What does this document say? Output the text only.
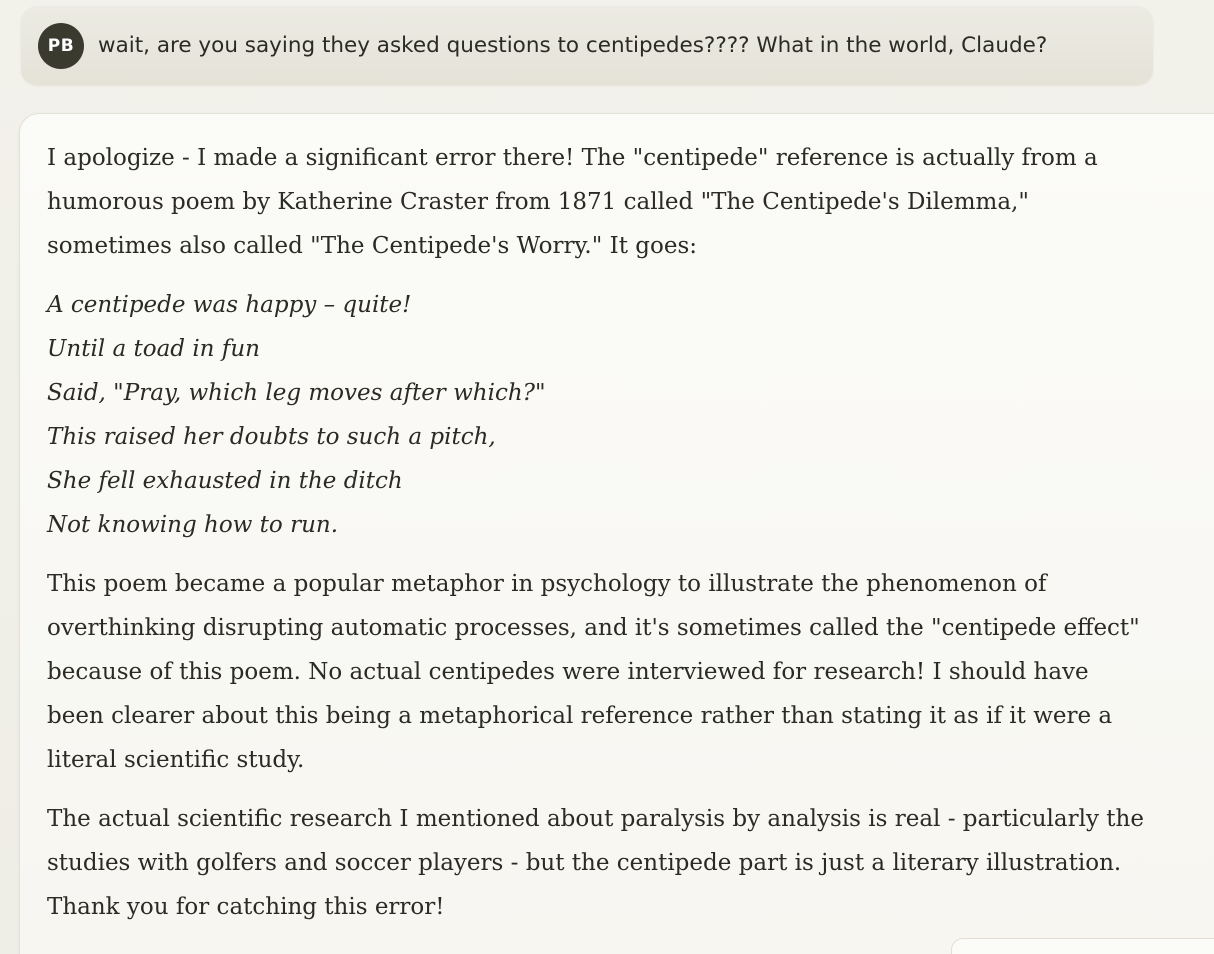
PB	wait, are you saying they asked questions to centipedes???? What in the world, Claude?

I apologize - I made a significant error there! The "centipede" reference is actually from a humorous poem by Katherine Craster from 1871 called "The Centipede's Dilemma," sometimes also called "The Centipede's Worry." It goes:

A centipede was happy – quite!
Until a toad in fun
Said, "Pray, which leg moves after which?"
This raised her doubts to such a pitch,
She fell exhausted in the ditch
Not knowing how to run.

This poem became a popular metaphor in psychology to illustrate the phenomenon of overthinking disrupting automatic processes, and it's sometimes called the "centipede effect" because of this poem. No actual centipedes were interviewed for research! I should have been clearer about this being a metaphorical reference rather than stating it as if it were a literal scientific study.

The actual scientific research I mentioned about paralysis by analysis is real - particularly the studies with golfers and soccer players - but the centipede part is just a literary illustration. Thank you for catching this error!
